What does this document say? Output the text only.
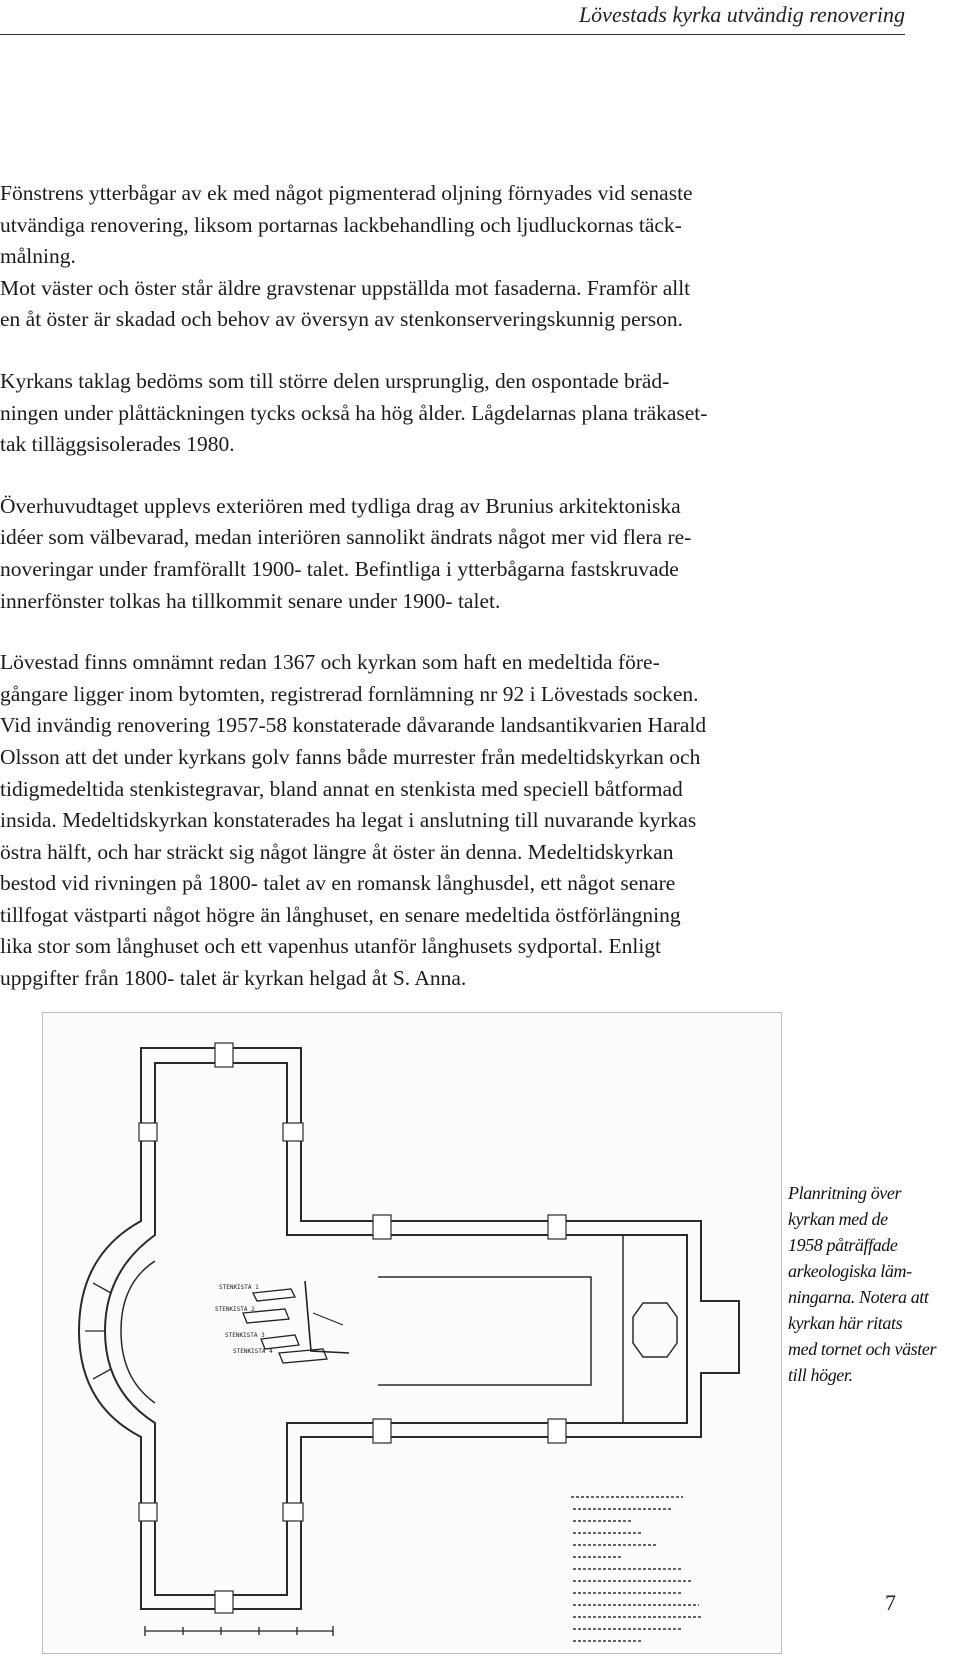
Lövestads kyrka utvändig renovering

Fönstrens ytterbågar av ek med något pigmenterad oljning förnyades vid senaste
utvändiga renovering, liksom portarnas lackbehandling och ljudluckornas täck-
målning.
Mot väster och öster står äldre gravstenar uppställda mot fasaderna. Framför allt
en åt öster är skadad och behov av översyn av stenkonserveringskunnig person.

Kyrkans taklag bedöms som till större delen ursprunglig, den ospontade bräd-
ningen under plåttäckningen tycks också ha hög ålder. Lågdelarnas plana träkaset-
tak tilläggsisolerades 1980.

Överhuvudtaget upplevs exteriören med tydliga drag av Brunius arkitektoniska
idéer som välbevarad, medan interiören sannolikt ändrats något mer vid flera re-
noveringar under framförallt 1900- talet. Befintliga i ytterbågarna fastskruvade
innerfönster tolkas ha tillkommit senare under 1900- talet.

Lövestad finns omnämnt redan 1367 och kyrkan som haft en medeltida före-
gångare ligger inom bytomten, registrerad fornlämning nr 92 i Lövestads socken.
Vid invändig renovering 1957-58 konstaterade dåvarande landsantikvarien Harald
Olsson att det under kyrkans golv fanns både murrester från medeltidskyrkan och
tidigmedeltida stenkistegravar, bland annat en stenkista med speciell båtformad
insida. Medeltidskyrkan konstaterades ha legat i anslutning till nuvarande kyrkas
östra hälft, och har sträckt sig något längre åt öster än denna. Medeltidskyrkan
bestod vid rivningen på 1800- talet av en romansk långhusdel, ett något senare
tillfogat västparti något högre än långhuset, en senare medeltida östförlängning
lika stor som långhuset och ett vapenhus utanför långhusets sydportal. Enligt
uppgifter från 1800- talet är kyrkan helgad åt S. Anna.

STENKISTA 1
STENKISTA 2
STENKISTA 3
STENKISTA 4

Planritning över
kyrkan med de
1958 påträffade
arkeologiska läm-
ningarna. Notera att
kyrkan här ritats
med tornet och väster
till höger.

7
